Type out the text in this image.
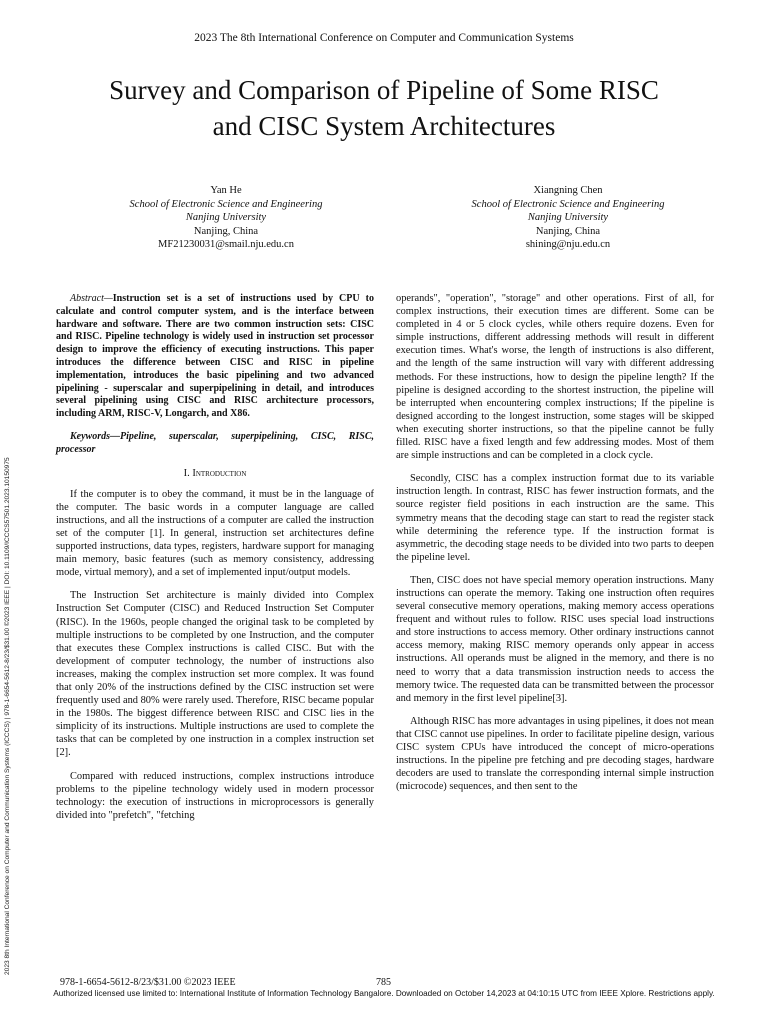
2023 The 8th International Conference on Computer and Communication Systems
Survey and Comparison of Pipeline of Some RISC
and CISC System Architectures
Yan He
School of Electronic Science and Engineering
Nanjing University
Nanjing, China
MF21230031@smail.nju.edu.cn
Xiangning Chen
School of Electronic Science and Engineering
Nanjing University
Nanjing, China
shining@nju.edu.cn
2023 8th International Conference on Computer and Communication Systems (ICCCS) | 978-1-6654-5612-8/23/$31.00 ©2023 IEEE | DOI: 10.1109/ICCCS57501.2023.10150975

Abstract—Instruction set is a set of instructions used by CPU to calculate and control computer system, and is the interface between hardware and software. There are two common instruction sets: CISC and RISC. Pipeline technology is widely used in instruction set processor design to improve the efficiency of executing instructions. This paper introduces the difference between CISC and RISC in pipeline implementation, introduces the basic pipelining and two advanced pipelining - superscalar and superpipelining in detail, and introduces several pipelining using CISC and RISC architecture processors, including ARM, RISC-V, Longarch, and X86.

Keywords—Pipeline, superscalar, superpipelining, CISC, RISC, processor

I. Introduction

If the computer is to obey the command, it must be in the language of the computer. The basic words in a computer language are called instructions, and all the instructions of a computer are called the instruction set of the computer [1]. In general, instruction set architectures define supported instructions, data types, registers, hardware support for managing main memory, basic features (such as memory consistency, addressing mode, virtual memory), and a set of implemented input/output models.

The Instruction Set architecture is mainly divided into Complex Instruction Set Computer (CISC) and Reduced Instruction Set Computer (RISC). In the 1960s, people changed the original task to be completed by multiple instructions to be completed by one Instruction, and the computer that executes these Complex instructions is called CISC. But with the development of computer technology, the number of instructions also increases, making the complex instruction set more complex. It was found that only 20% of the instructions defined by the CISC instruction set were frequently used and 80% were rarely used. Therefore, RISC became popular in the 1980s. The biggest difference between RISC and CISC lies in the simplicity of its instructions. Multiple instructions are used to complete the tasks that can be completed by one instruction in a complex instruction set [2].

Compared with reduced instructions, complex instructions introduce problems to the pipeline technology widely used in modern processor technology: the execution of instructions in microprocessors is generally divided into "prefetch", "fetching

operands", "operation", "storage" and other operations. First of all, for complex instructions, their execution times are different. Some can be completed in 4 or 5 clock cycles, while others require dozens. Even for simple instructions, different addressing methods will result in different execution times. What's worse, the length of instructions is also different, and the length of the same instruction will vary with different addressing methods. For these instructions, how to design the pipeline length? If the pipeline is designed according to the shortest instruction, the pipeline will be interrupted when encountering complex instructions; If the pipeline is designed according to the longest instruction, some stages will be skipped when executing shorter instructions, so that the pipeline cannot be fully filled. RISC have a fixed length and few addressing modes. Most of them are simple instructions and can be completed in a clock cycle.

Secondly, CISC has a complex instruction format due to its variable instruction length. In contrast, RISC has fewer instruction formats, and the source register field positions in each instruction are the same. This symmetry means that the decoding stage can start to read the register stack while determining the reference type. If the instruction format is asymmetric, the decoding stage needs to be divided into two parts to deepen the pipeline level.

Then, CISC does not have special memory operation instructions. Many instructions can operate the memory. Taking one instruction often requires several consecutive memory operations, making memory access operations frequent and without rules to follow. RISC uses special load instructions and store instructions to access memory. Other ordinary instructions cannot access memory, making RISC memory operands only appear in access instructions. All operands must be aligned in the memory, and there is no need to worry that a data transmission instruction needs to access the memory twice. The requested data can be transmitted between the processor and memory in the first level pipeline[3].

Although RISC has more advantages in using pipelines, it does not mean that CISC cannot use pipelines. In order to facilitate pipeline design, various CISC system CPUs have introduced the concept of micro-operations instructions. In the pipeline pre fetching and pre decoding stages, hardware decoders are used to translate the corresponding internal simple instruction (microcode) sequences, and then sent to the

978-1-6654-5612-8/23/$31.00 ©2023 IEEE	785
Authorized licensed use limited to: International Institute of Information Technology Bangalore. Downloaded on October 14,2023 at 04:10:15 UTC from IEEE Xplore. Restrictions apply.
